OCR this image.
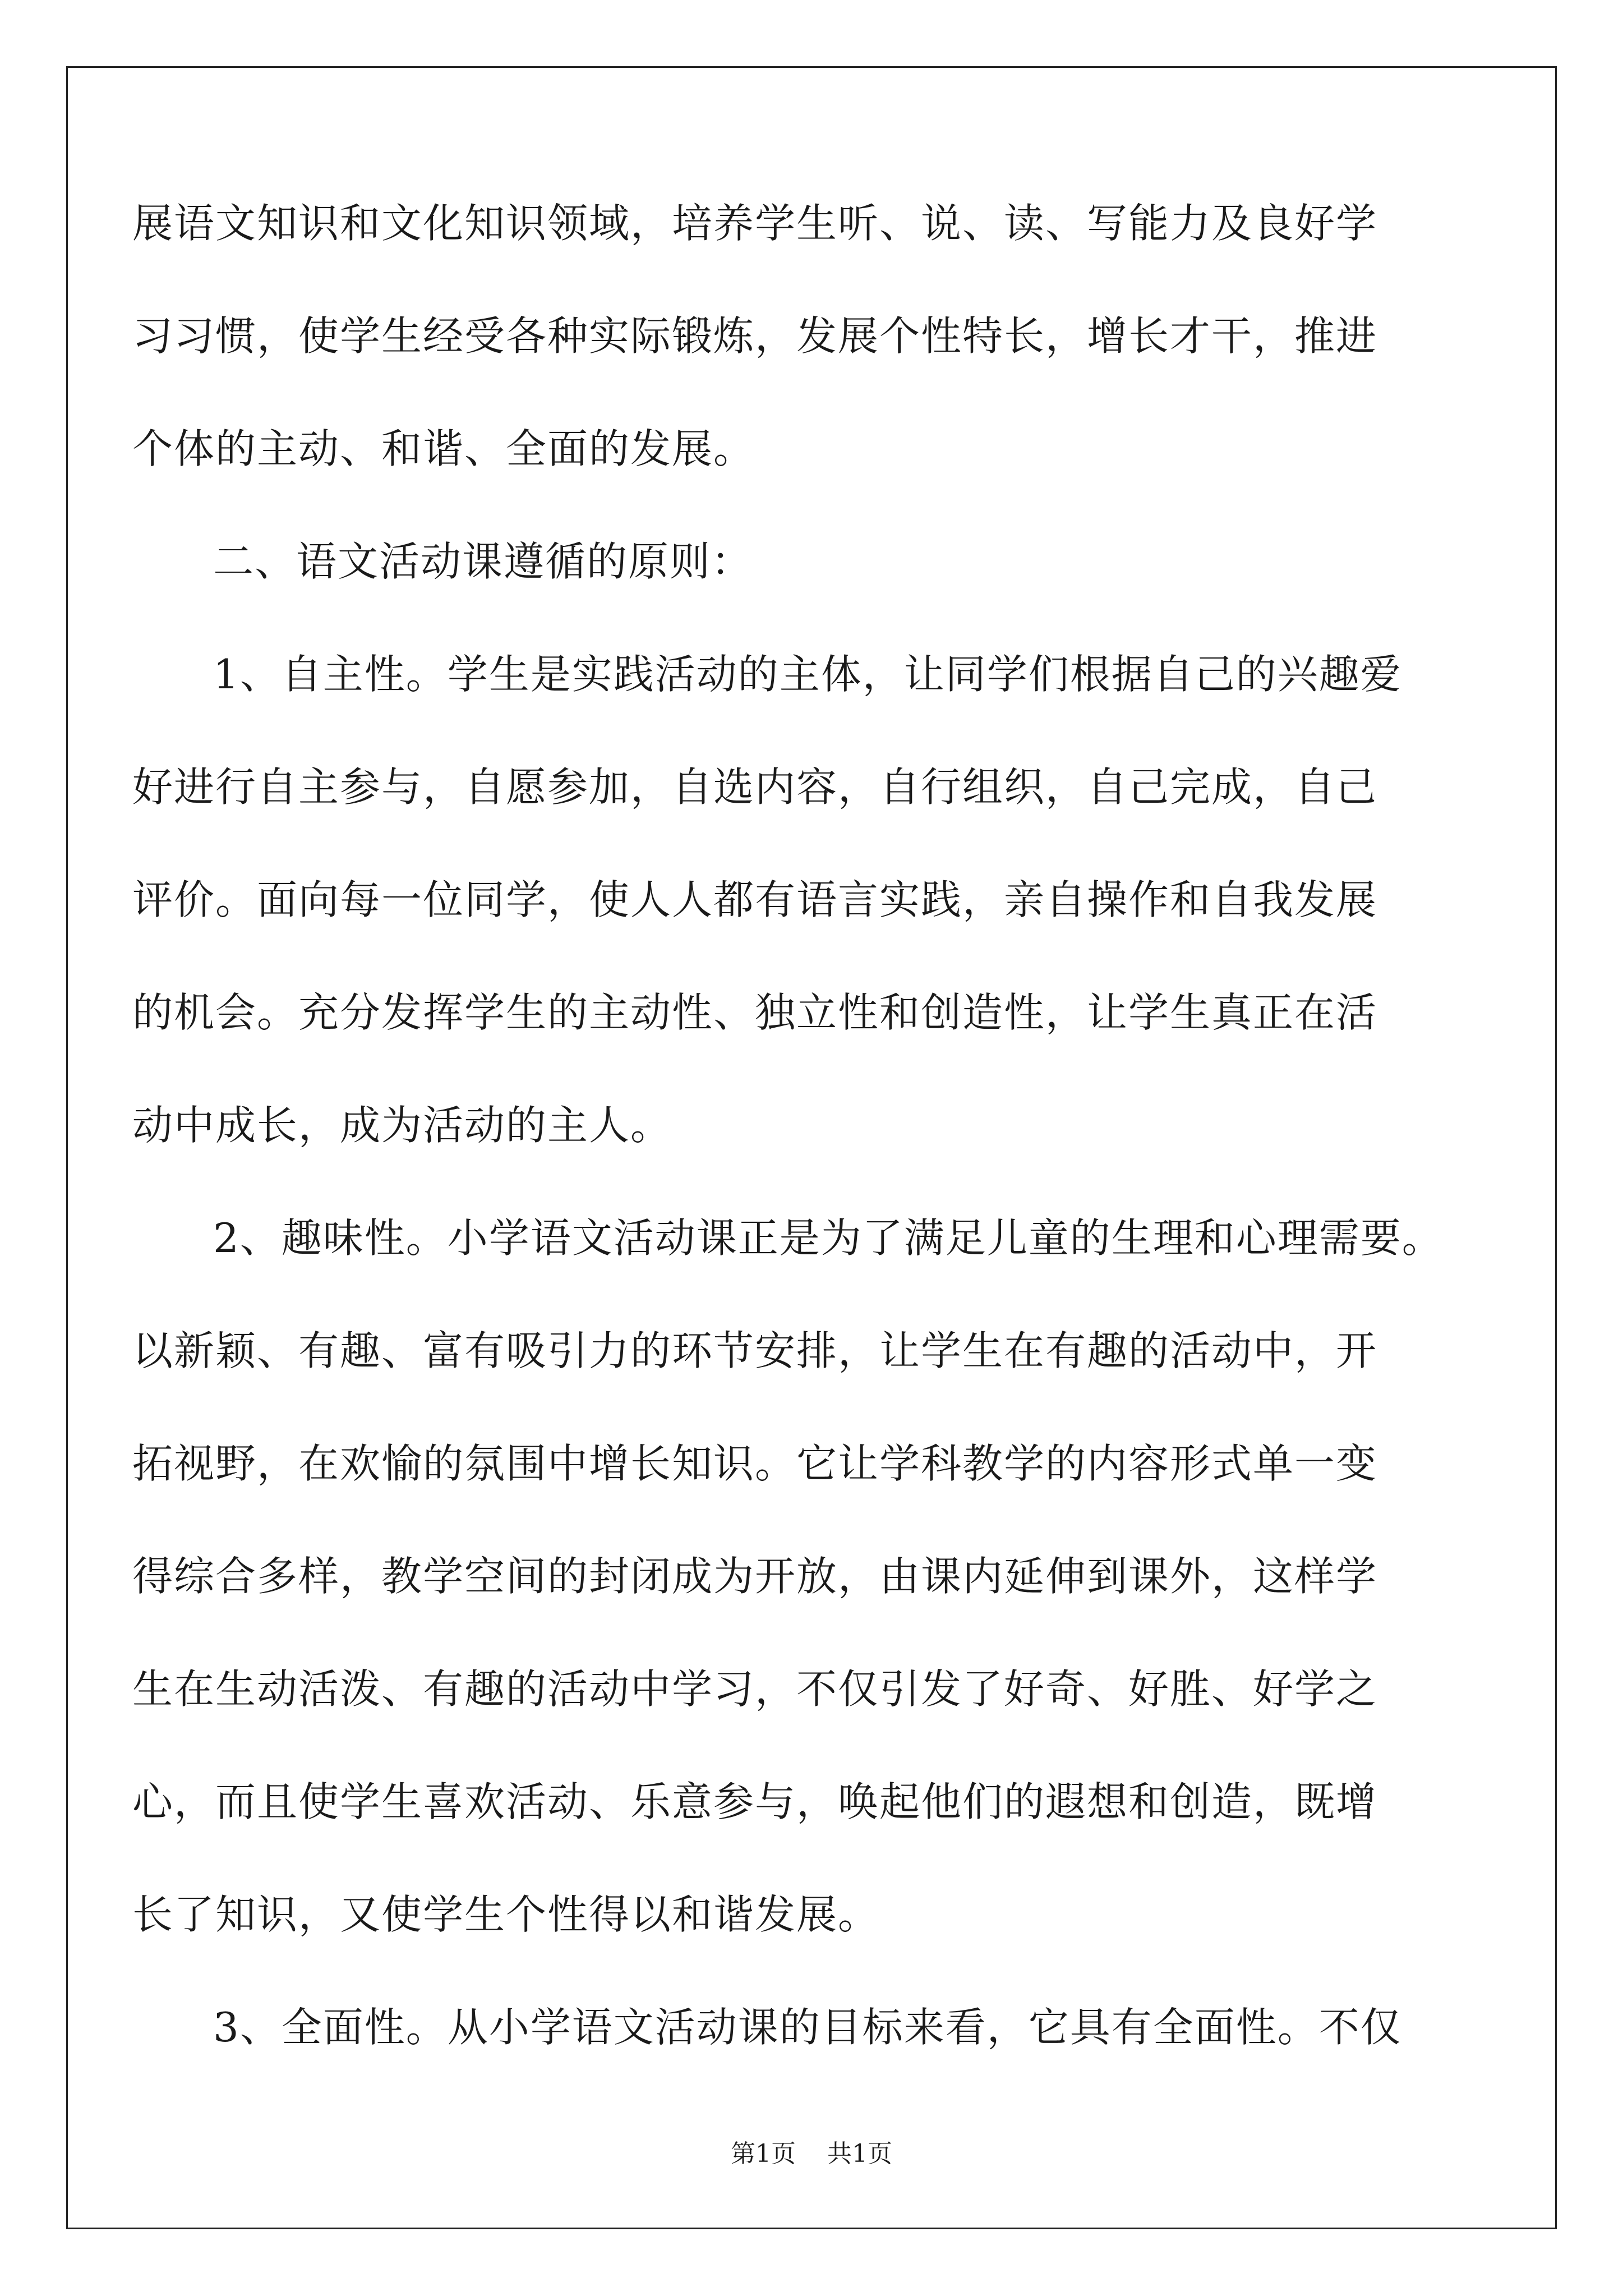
展语文知识和文化知识领域，培养学生听、说、读、写能力及良好学
习习惯，使学生经受各种实际锻炼，发展个性特长，增长才干，推进
个体的主动、和谐、全面的发展。
二、语文活动课遵循的原则：
1、自主性。学生是实践活动的主体，让同学们根据自己的兴趣爱
好进行自主参与，自愿参加，自选内容，自行组织，自己完成，自己
评价。面向每一位同学，使人人都有语言实践，亲自操作和自我发展
的机会。充分发挥学生的主动性、独立性和创造性，让学生真正在活
动中成长，成为活动的主人。
2、趣味性。小学语文活动课正是为了满足儿童的生理和心理需要。
以新颖、有趣、富有吸引力的环节安排，让学生在有趣的活动中，开
拓视野，在欢愉的氛围中增长知识。它让学科教学的内容形式单一变
得综合多样，教学空间的封闭成为开放，由课内延伸到课外，这样学
生在生动活泼、有趣的活动中学习，不仅引发了好奇、好胜、好学之
心，而且使学生喜欢活动、乐意参与，唤起他们的遐想和创造，既增
长了知识，又使学生个性得以和谐发展。
3、全面性。从小学语文活动课的目标来看，它具有全面性。不仅
第1页    共1页
